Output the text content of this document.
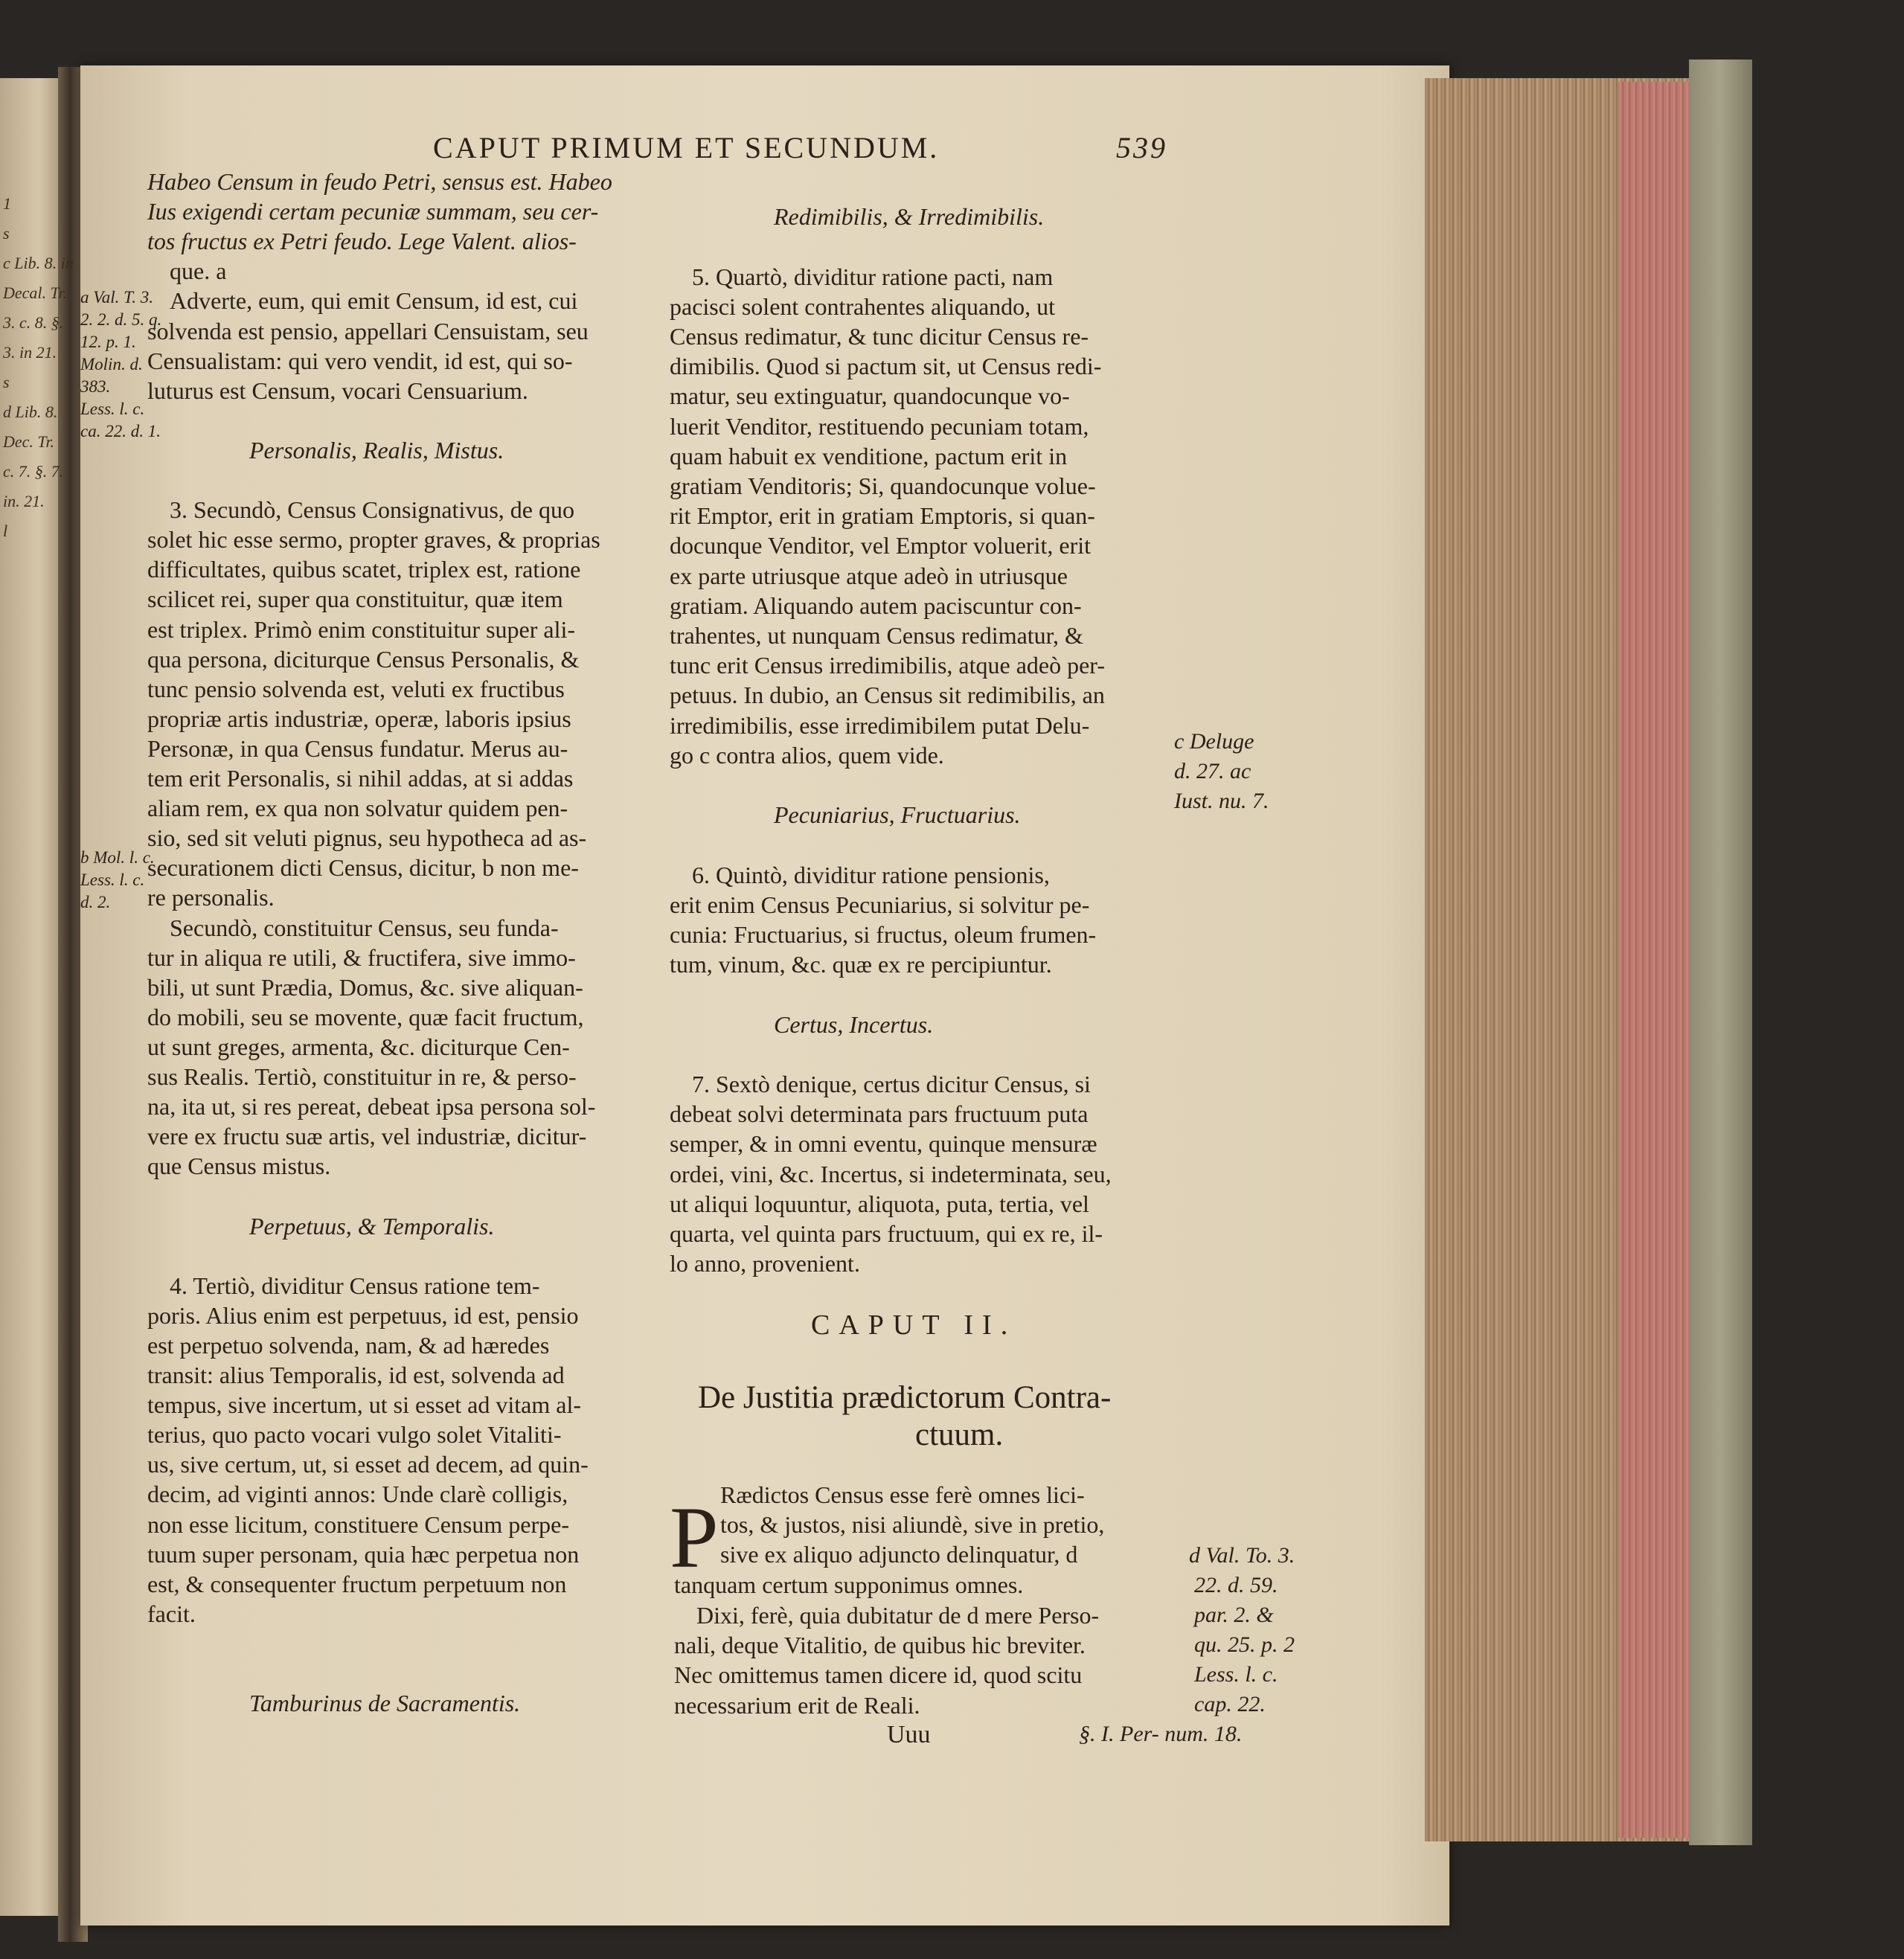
CAPUT PRIMUM ET SECUNDUM.	539
1
s
c Lib. 8. in
Decal. Tr.
3. c. 8. §.
3. in 21.
s
d Lib. 8.
Dec. Tr.
c. 7. §. 7.
in. 21.
l
a Val. T. 3.
2. 2. d. 5. q.
12. p. 1.
Molin. d.
383.
Less. l. c.
ca. 22. d. 1.
b Mol. l. c.
Less. l. c.
d. 2.
Habeo Censum in feudo Petri, sensus est. Habeo
Ius exigendi certam pecuniæ summam, seu cer-
tos fructus ex Petri feudo. Lege Valent. alios-
que. a
Adverte, eum, qui emit Censum, id est, cui
solvenda est pensio, appellari Censuistam, seu
Censualistam: qui vero vendit, id est, qui so-
luturus est Censum, vocari Censuarium.
Personalis, Realis, Mistus.
3. Secundò, Census Consignativus, de quo
solet hic esse sermo, propter graves, & proprias
difficultates, quibus scatet, triplex est, ratione
scilicet rei, super qua constituitur, quæ item
est triplex. Primò enim constituitur super ali-
qua persona, diciturque Census Personalis, &
tunc pensio solvenda est, veluti ex fructibus
propriæ artis industriæ, operæ, laboris ipsius
Personæ, in qua Census fundatur. Merus au-
tem erit Personalis, si nihil addas, at si addas
aliam rem, ex qua non solvatur quidem pen-
sio, sed sit veluti pignus, seu hypotheca ad as-
securationem dicti Census, dicitur, b non me-
re personalis.
Secundò, constituitur Census, seu funda-
tur in aliqua re utili, & fructifera, sive immo-
bili, ut sunt Prædia, Domus, &c. sive aliquan-
do mobili, seu se movente, quæ facit fructum,
ut sunt greges, armenta, &c. diciturque Cen-
sus Realis. Tertiò, constituitur in re, & perso-
na, ita ut, si res pereat, debeat ipsa persona sol-
vere ex fructu suæ artis, vel industriæ, dicitur-
que Census mistus.
Perpetuus, & Temporalis.
4. Tertiò, dividitur Census ratione tem-
poris. Alius enim est perpetuus, id est, pensio
est perpetuo solvenda, nam, & ad hæredes
transit: alius Temporalis, id est, solvenda ad
tempus, sive incertum, ut si esset ad vitam al-
terius, quo pacto vocari vulgo solet Vitaliti-
us, sive certum, ut, si esset ad decem, ad quin-
decim, ad viginti annos: Unde clarè colligis,
non esse licitum, constituere Censum perpe-
tuum super personam, quia hæc perpetua non
est, & consequenter fructum perpetuum non
facit.
Tamburinus de Sacramentis.
Redimibilis, & Irredimibilis.
5. Quartò, dividitur ratione pacti, nam
pacisci solent contrahentes aliquando, ut
Census redimatur, & tunc dicitur Census re-
dimibilis. Quod si pactum sit, ut Census redi-
matur, seu extinguatur, quandocunque vo-
luerit Venditor, restituendo pecuniam totam,
quam habuit ex venditione, pactum erit in
gratiam Venditoris; Si, quandocunque volue-
rit Emptor, erit in gratiam Emptoris, si quan-
docunque Venditor, vel Emptor voluerit, erit
ex parte utriusque atque adeò in utriusque
gratiam. Aliquando autem paciscuntur con-
trahentes, ut nunquam Census redimatur, &
tunc erit Census irredimibilis, atque adeò per-
petuus. In dubio, an Census sit redimibilis, an
irredimibilis, esse irredimibilem putat Delu-
go c contra alios, quem vide.
Pecuniarius, Fructuarius.
6. Quintò, dividitur ratione pensionis,
erit enim Census Pecuniarius, si solvitur pe-
cunia: Fructuarius, si fructus, oleum frumen-
tum, vinum, &c. quæ ex re percipiuntur.
Certus, Incertus.
7. Sextò denique, certus dicitur Census, si
debeat solvi determinata pars fructuum puta
semper, & in omni eventu, quinque mensuræ
ordei, vini, &c. Incertus, si indeterminata, seu,
ut aliqui loquuntur, aliquota, puta, tertia, vel
quarta, vel quinta pars fructuum, qui ex re, il-
lo anno, provenient.
CAPUT II.
De Justitia prædictorum Contra-
ctuum.
P Rædictos Census esse ferè omnes lici-
tos, & justos, nisi aliundè, sive in pretio,
sive ex aliquo adjuncto delinquatur, d
tanquam certum supponimus omnes.
Dixi, ferè, quia dubitatur de d mere Perso-
nali, deque Vitalitio, de quibus hic breviter.
Nec omittemus tamen dicere id, quod scitu
necessarium erit de Reali.
Uuu
c Deluge
d. 27. ac
Iust. nu. 7.
d Val. To. 3.
22. d. 59.
par. 2. &
qu. 25. p. 2
Less. l. c.
cap. 22.
§. I. Per- num. 18.
